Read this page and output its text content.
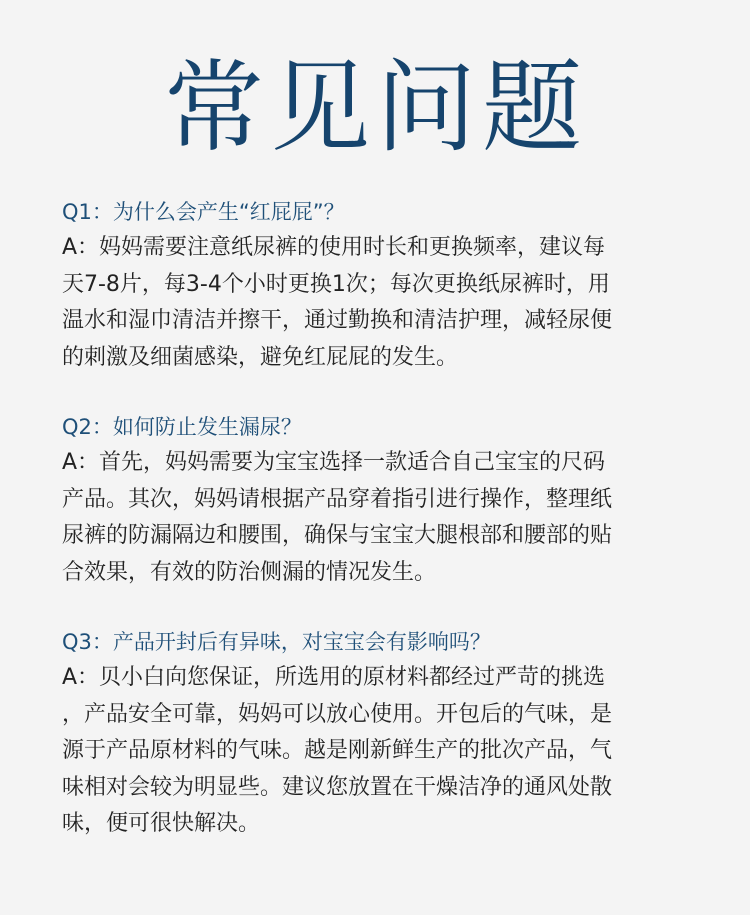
常见问题

Q1：为什么会产生“红屁屁”？

A：妈妈需要注意纸尿裤的使用时长和更换频率，建议每
天7-8片，每3-4个小时更换1次；每次更换纸尿裤时，用
温水和湿巾清洁并擦干，通过勤换和清洁护理，减轻尿便
的刺激及细菌感染，避免红屁屁的发生。

Q2：如何防止发生漏尿？

A：首先，妈妈需要为宝宝选择一款适合自己宝宝的尺码
产品。其次，妈妈请根据产品穿着指引进行操作，整理纸
尿裤的防漏隔边和腰围，确保与宝宝大腿根部和腰部的贴
合效果，有效的防治侧漏的情况发生。

Q3：产品开封后有异味，对宝宝会有影响吗？

A：贝小白向您保证，所选用的原材料都经过严苛的挑选
，产品安全可靠，妈妈可以放心使用。开包后的气味，是
源于产品原材料的气味。越是刚新鲜生产的批次产品，气
味相对会较为明显些。建议您放置在干燥洁净的通风处散
味，便可很快解决。
